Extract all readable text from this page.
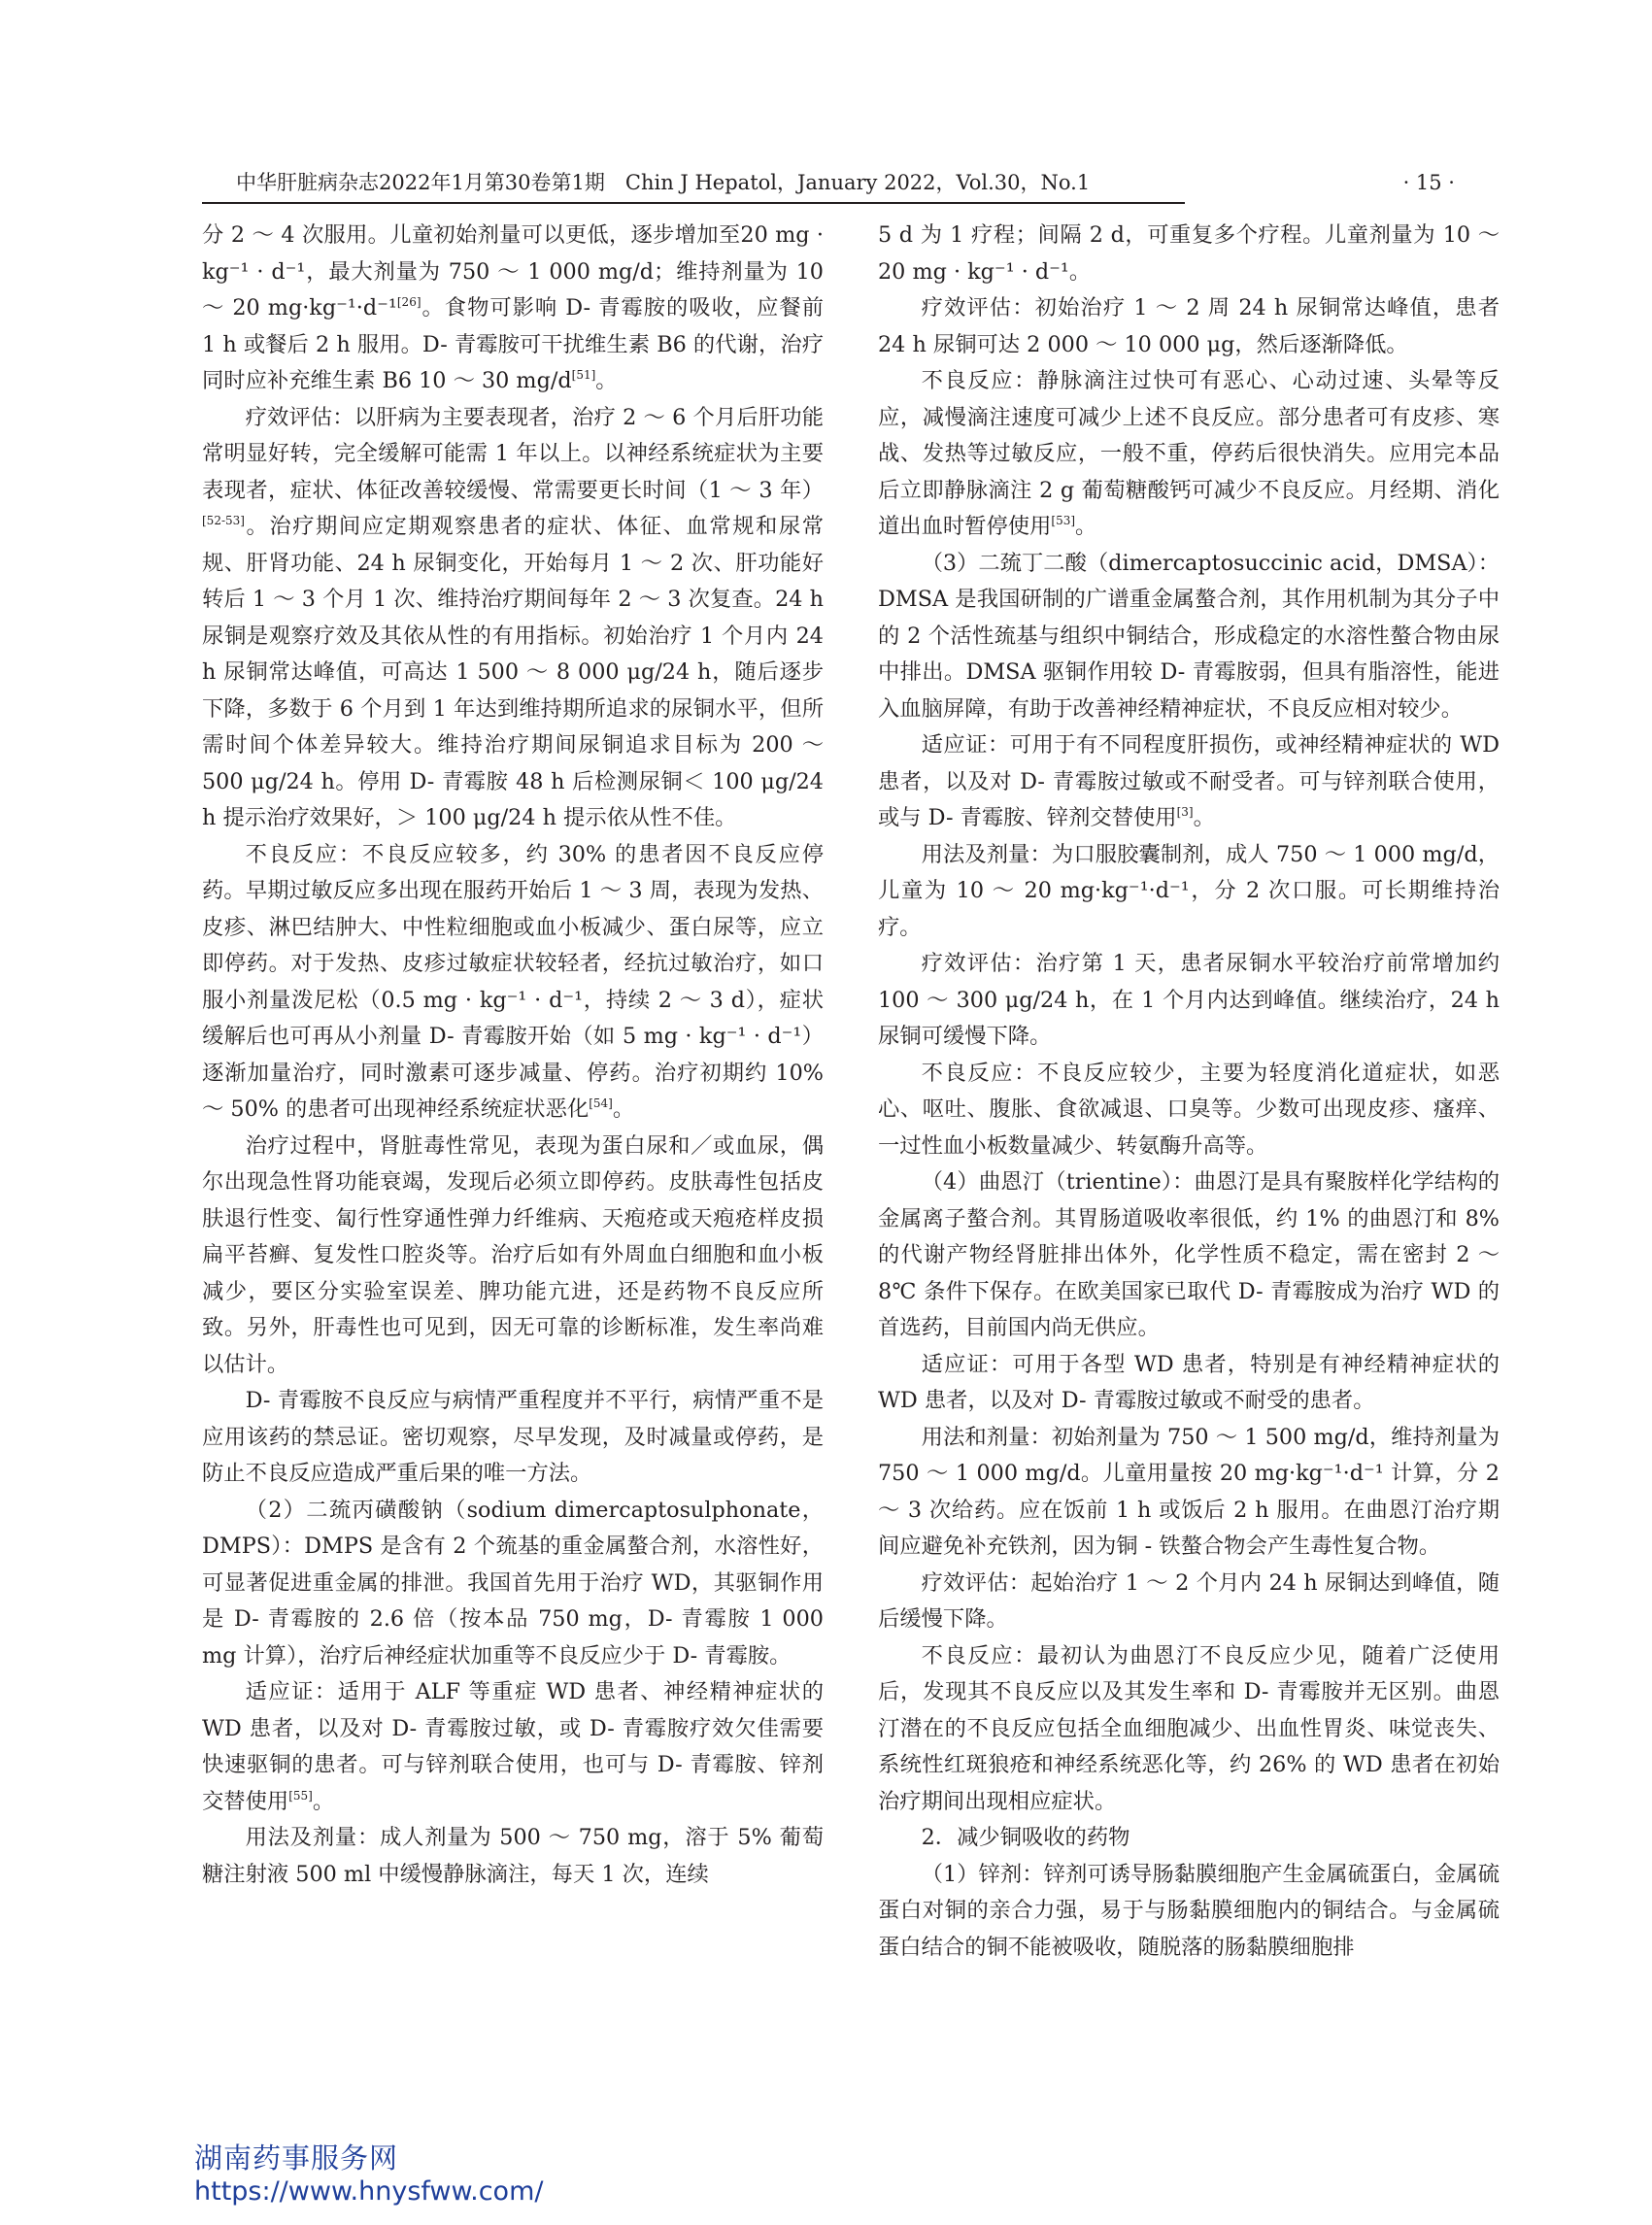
中华肝脏病杂志2022年1月第30卷第1期　Chin J Hepatol，January 2022，Vol.30，No.1	· 15 ·

分 2 ～ 4 次服用。儿童初始剂量可以更低，逐步增加至20 mg · kg⁻¹ · d⁻¹，最大剂量为 750 ～ 1 000 mg/d；维持剂量为 10 ～ 20 mg·kg⁻¹·d⁻¹[26]。食物可影响 D- 青霉胺的吸收，应餐前 1 h 或餐后 2 h 服用。D- 青霉胺可干扰维生素 B6 的代谢，治疗同时应补充维生素 B6 10 ～ 30 mg/d[51]。

疗效评估：以肝病为主要表现者，治疗 2 ～ 6 个月后肝功能常明显好转，完全缓解可能需 1 年以上。以神经系统症状为主要表现者，症状、体征改善较缓慢、常需要更长时间（1 ～ 3 年）[52-53]。治疗期间应定期观察患者的症状、体征、血常规和尿常规、肝肾功能、24 h 尿铜变化，开始每月 1 ～ 2 次、肝功能好转后 1 ～ 3 个月 1 次、维持治疗期间每年 2 ～ 3 次复查。24 h 尿铜是观察疗效及其依从性的有用指标。初始治疗 1 个月内 24 h 尿铜常达峰值，可高达 1 500 ～ 8 000 μg/24 h，随后逐步下降，多数于 6 个月到 1 年达到维持期所追求的尿铜水平，但所需时间个体差异较大。维持治疗期间尿铜追求目标为 200 ～ 500 μg/24 h。停用 D- 青霉胺 48 h 后检测尿铜＜ 100 μg/24 h 提示治疗效果好，＞ 100 μg/24 h 提示依从性不佳。

不良反应：不良反应较多，约 30% 的患者因不良反应停药。早期过敏反应多出现在服药开始后 1 ～ 3 周，表现为发热、皮疹、淋巴结肿大、中性粒细胞或血小板减少、蛋白尿等，应立即停药。对于发热、皮疹过敏症状较轻者，经抗过敏治疗，如口服小剂量泼尼松（0.5 mg · kg⁻¹ · d⁻¹，持续 2 ～ 3 d），症状缓解后也可再从小剂量 D- 青霉胺开始（如 5 mg · kg⁻¹ · d⁻¹）逐渐加量治疗，同时激素可逐步减量、停药。治疗初期约 10% ～ 50% 的患者可出现神经系统症状恶化[54]。

治疗过程中，肾脏毒性常见，表现为蛋白尿和／或血尿，偶尔出现急性肾功能衰竭，发现后必须立即停药。皮肤毒性包括皮肤退行性变、匐行性穿通性弹力纤维病、天疱疮或天疱疮样皮损扁平苔癣、复发性口腔炎等。治疗后如有外周血白细胞和血小板减少，要区分实验室误差、脾功能亢进，还是药物不良反应所致。另外，肝毒性也可见到，因无可靠的诊断标准，发生率尚难以估计。

D- 青霉胺不良反应与病情严重程度并不平行，病情严重不是应用该药的禁忌证。密切观察，尽早发现，及时减量或停药，是防止不良反应造成严重后果的唯一方法。

（2）二巯丙磺酸钠（sodium dimercaptosulphonate，DMPS）：DMPS 是含有 2 个巯基的重金属螯合剂，水溶性好，可显著促进重金属的排泄。我国首先用于治疗 WD，其驱铜作用是 D- 青霉胺的 2.6 倍（按本品 750 mg，D- 青霉胺 1 000 mg 计算），治疗后神经症状加重等不良反应少于 D- 青霉胺。

适应证：适用于 ALF 等重症 WD 患者、神经精神症状的 WD 患者，以及对 D- 青霉胺过敏，或 D- 青霉胺疗效欠佳需要快速驱铜的患者。可与锌剂联合使用，也可与 D- 青霉胺、锌剂交替使用[55]。

用法及剂量：成人剂量为 500 ～ 750 mg，溶于 5% 葡萄糖注射液 500 ml 中缓慢静脉滴注，每天 1 次，连续

5 d 为 1 疗程；间隔 2 d，可重复多个疗程。儿童剂量为 10 ～ 20 mg · kg⁻¹ · d⁻¹。

疗效评估：初始治疗 1 ～ 2 周 24 h 尿铜常达峰值，患者 24 h 尿铜可达 2 000 ～ 10 000 μg，然后逐渐降低。

不良反应：静脉滴注过快可有恶心、心动过速、头晕等反应，减慢滴注速度可减少上述不良反应。部分患者可有皮疹、寒战、发热等过敏反应，一般不重，停药后很快消失。应用完本品后立即静脉滴注 2 g 葡萄糖酸钙可减少不良反应。月经期、消化道出血时暂停使用[53]。

（3）二巯丁二酸（dimercaptosuccinic acid，DMSA）：DMSA 是我国研制的广谱重金属螯合剂，其作用机制为其分子中的 2 个活性巯基与组织中铜结合，形成稳定的水溶性螯合物由尿中排出。DMSA 驱铜作用较 D- 青霉胺弱，但具有脂溶性，能进入血脑屏障，有助于改善神经精神症状，不良反应相对较少。

适应证：可用于有不同程度肝损伤，或神经精神症状的 WD 患者，以及对 D- 青霉胺过敏或不耐受者。可与锌剂联合使用，或与 D- 青霉胺、锌剂交替使用[3]。

用法及剂量：为口服胶囊制剂，成人 750 ～ 1 000 mg/d，儿童为 10 ～ 20 mg·kg⁻¹·d⁻¹，分 2 次口服。可长期维持治疗。

疗效评估：治疗第 1 天，患者尿铜水平较治疗前常增加约 100 ～ 300 μg/24 h，在 1 个月内达到峰值。继续治疗，24 h 尿铜可缓慢下降。

不良反应：不良反应较少，主要为轻度消化道症状，如恶心、呕吐、腹胀、食欲减退、口臭等。少数可出现皮疹、瘙痒、一过性血小板数量减少、转氨酶升高等。

（4）曲恩汀（trientine）：曲恩汀是具有聚胺样化学结构的金属离子螯合剂。其胃肠道吸收率很低，约 1% 的曲恩汀和 8% 的代谢产物经肾脏排出体外，化学性质不稳定，需在密封 2 ～ 8℃ 条件下保存。在欧美国家已取代 D- 青霉胺成为治疗 WD 的首选药，目前国内尚无供应。

适应证：可用于各型 WD 患者，特别是有神经精神症状的 WD 患者，以及对 D- 青霉胺过敏或不耐受的患者。

用法和剂量：初始剂量为 750 ～ 1 500 mg/d，维持剂量为 750 ～ 1 000 mg/d。儿童用量按 20 mg·kg⁻¹·d⁻¹ 计算，分 2 ～ 3 次给药。应在饭前 1 h 或饭后 2 h 服用。在曲恩汀治疗期间应避免补充铁剂，因为铜 - 铁螯合物会产生毒性复合物。

疗效评估：起始治疗 1 ～ 2 个月内 24 h 尿铜达到峰值，随后缓慢下降。

不良反应：最初认为曲恩汀不良反应少见，随着广泛使用后，发现其不良反应以及其发生率和 D- 青霉胺并无区别。曲恩汀潜在的不良反应包括全血细胞减少、出血性胃炎、味觉丧失、系统性红斑狼疮和神经系统恶化等，约 26% 的 WD 患者在初始治疗期间出现相应症状。

2．减少铜吸收的药物

（1）锌剂：锌剂可诱导肠黏膜细胞产生金属硫蛋白，金属硫蛋白对铜的亲合力强，易于与肠黏膜细胞内的铜结合。与金属硫蛋白结合的铜不能被吸收，随脱落的肠黏膜细胞排

湖南药事服务网
https://www.hnysfww.com/
